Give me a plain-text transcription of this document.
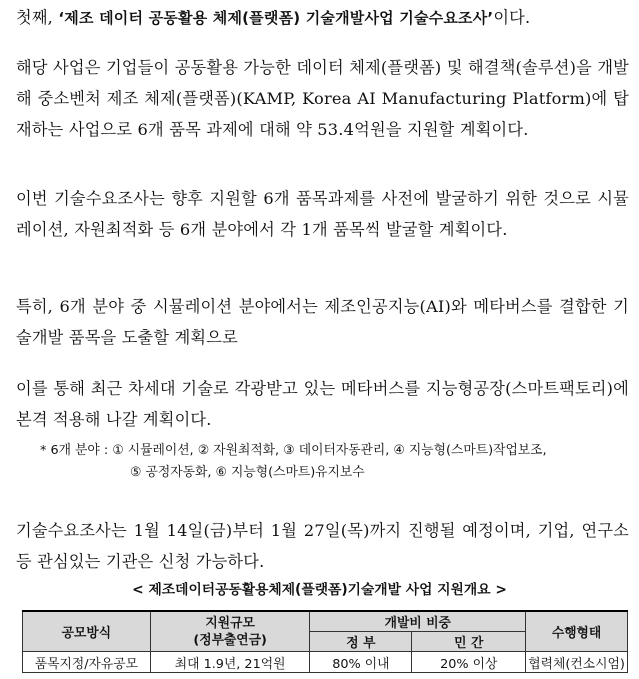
첫째, ‘제조 데이터 공동활용 체제(플랫폼) 기술개발사업 기술수요조사’이다.

해당 사업은 기업들이 공동활용 가능한 데이터 체제(플랫폼) 및 해결책(솔루션)을 개발해 중소벤처 제조 체제(플랫폼)(KAMP, Korea AI Manufacturing Platform)에 탑재하는 사업으로 6개 품목 과제에 대해 약 53.4억원을 지원할 계획이다.

이번 기술수요조사는 향후 지원할 6개 품목과제를 사전에 발굴하기 위한 것으로 시뮬레이션, 자원최적화 등 6개 분야에서 각 1개 품목씩 발굴할 계획이다.

특히, 6개 분야 중 시뮬레이션 분야에서는 제조인공지능(AI)와 메타버스를 결합한 기술개발 품목을 도출할 계획으로

이를 통해 최근 차세대 기술로 각광받고 있는 메타버스를 지능형공장(스마트팩토리)에 본격 적용해 나갈 계획이다.

* 6개 분야 : ① 시뮬레이션, ② 자원최적화, ③ 데이터자동관리, ④ 지능형(스마트)작업보조,
⑤ 공정자동화, ⑥ 지능형(스마트)유지보수

기술수요조사는 1월 14일(금)부터 1월 27일(목)까지 진행될 예정이며, 기업, 연구소 등 관심있는 기관은 신청 가능하다.

< 제조데이터공동활용체제(플랫폼)기술개발 사업 지원개요 >
공모방식	지원규모
(정부출연금)	개발비 비중		수행형태
		정 부	민 간	
품목지정/자유공모	최대 1.9년, 21억원	80% 이내	20% 이상	협력체(컨소시엄)
